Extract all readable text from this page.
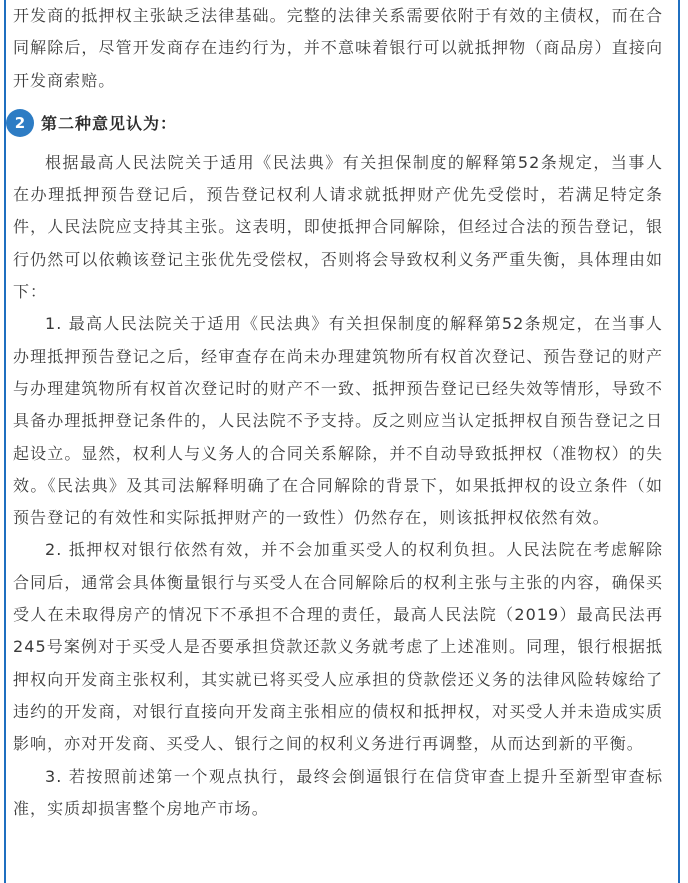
开发商的抵押权主张缺乏法律基础。完整的法律关系需要依附于有效的主债权，而在合同解除后，尽管开发商存在违约行为，并不意味着银行可以就抵押物（商品房）直接向开发商索赔。

2 第二种意见认为：

根据最高人民法院关于适用《民法典》有关担保制度的解释第52条规定，当事人在办理抵押预告登记后，预告登记权利人请求就抵押财产优先受偿时，若满足特定条件，人民法院应支持其主张。这表明，即使抵押合同解除，但经过合法的预告登记，银行仍然可以依赖该登记主张优先受偿权，否则将会导致权利义务严重失衡，具体理由如下：

1. 最高人民法院关于适用《民法典》有关担保制度的解释第52条规定，在当事人办理抵押预告登记之后，经审查存在尚未办理建筑物所有权首次登记、预告登记的财产与办理建筑物所有权首次登记时的财产不一致、抵押预告登记已经失效等情形，导致不具备办理抵押登记条件的，人民法院不予支持。反之则应当认定抵押权自预告登记之日起设立。显然，权利人与义务人的合同关系解除，并不自动导致抵押权（准物权）的失效。《民法典》及其司法解释明确了在合同解除的背景下，如果抵押权的设立条件（如预告登记的有效性和实际抵押财产的一致性）仍然存在，则该抵押权依然有效。

2. 抵押权对银行依然有效，并不会加重买受人的权利负担。人民法院在考虑解除合同后，通常会具体衡量银行与买受人在合同解除后的权利主张与主张的内容，确保买受人在未取得房产的情况下不承担不合理的责任，最高人民法院（2019）最高民法再245号案例对于买受人是否要承担贷款还款义务就考虑了上述准则。同理，银行根据抵押权向开发商主张权利，其实就已将买受人应承担的贷款偿还义务的法律风险转嫁给了违约的开发商，对银行直接向开发商主张相应的债权和抵押权，对买受人并未造成实质影响，亦对开发商、买受人、银行之间的权利义务进行再调整，从而达到新的平衡。

3. 若按照前述第一个观点执行，最终会倒逼银行在信贷审查上提升至新型审查标准，实质却损害整个房地产市场。
